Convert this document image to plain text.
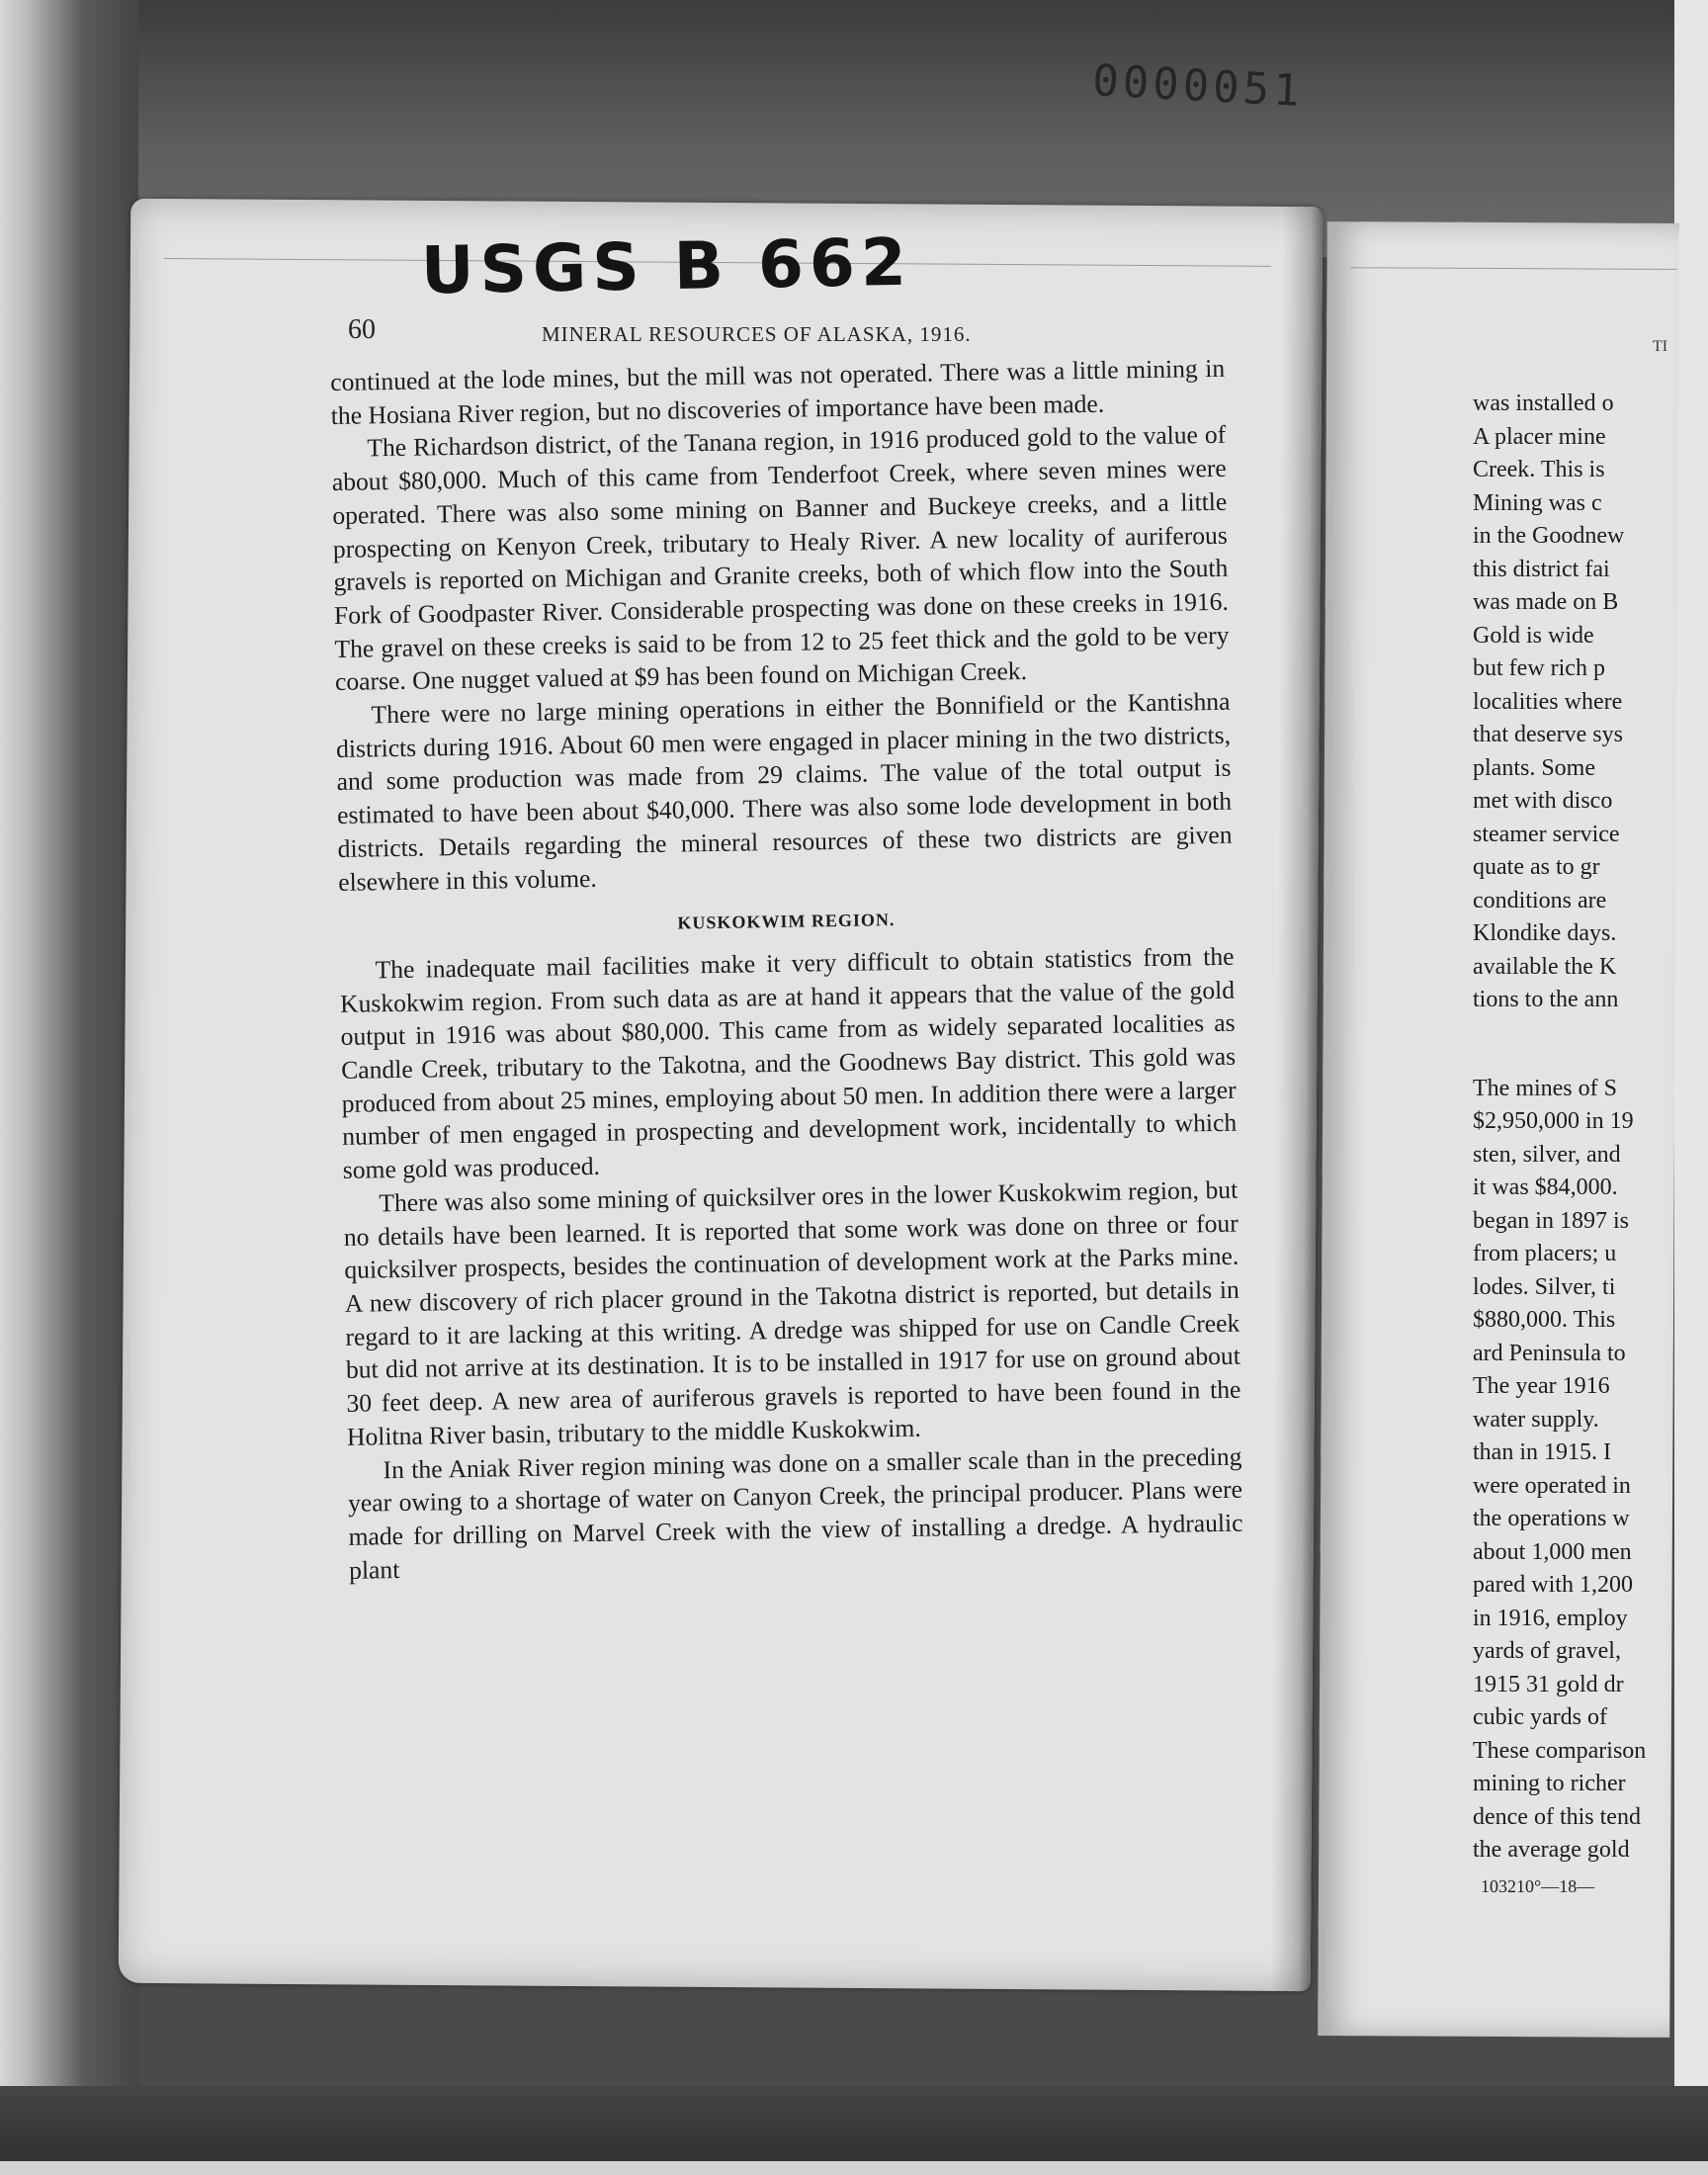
0000051
USGS B 662
60	MINERAL RESOURCES OF ALASKA, 1916.

continued at the lode mines, but the mill was not operated. There was a little mining in the Hosiana River region, but no discoveries of importance have been made.

The Richardson district, of the Tanana region, in 1916 produced gold to the value of about $80,000. Much of this came from Tenderfoot Creek, where seven mines were operated. There was also some mining on Banner and Buckeye creeks, and a little prospecting on Kenyon Creek, tributary to Healy River. A new locality of auriferous gravels is reported on Michigan and Granite creeks, both of which flow into the South Fork of Goodpaster River. Considerable prospecting was done on these creeks in 1916. The gravel on these creeks is said to be from 12 to 25 feet thick and the gold to be very coarse. One nugget valued at $9 has been found on Michigan Creek.

There were no large mining operations in either the Bonnifield or the Kantishna districts during 1916. About 60 men were engaged in placer mining in the two districts, and some production was made from 29 claims. The value of the total output is estimated to have been about $40,000. There was also some lode development in both districts. Details regarding the mineral resources of these two districts are given elsewhere in this volume.

KUSKOKWIM REGION.

The inadequate mail facilities make it very difficult to obtain statistics from the Kuskokwim region. From such data as are at hand it appears that the value of the gold output in 1916 was about $80,000. This came from as widely separated localities as Candle Creek, tributary to the Takotna, and the Goodnews Bay district. This gold was produced from about 25 mines, employing about 50 men. In addition there were a larger number of men engaged in prospecting and development work, incidentally to which some gold was produced.

There was also some mining of quicksilver ores in the lower Kuskokwim region, but no details have been learned. It is reported that some work was done on three or four quicksilver prospects, besides the continuation of development work at the Parks mine. A new discovery of rich placer ground in the Takotna district is reported, but details in regard to it are lacking at this writing. A dredge was shipped for use on Candle Creek but did not arrive at its destination. It is to be installed in 1917 for use on ground about 30 feet deep. A new area of auriferous gravels is reported to have been found in the Holitna River basin, tributary to the middle Kuskokwim.

In the Aniak River region mining was done on a smaller scale than in the preceding year owing to a shortage of water on Canyon Creek, the principal producer. Plans were made for drilling on Marvel Creek with the view of installing a dredge. A hydraulic plant

TI
was installed o
A placer mine
Creek. This is
Mining was c
in the Goodnew
this district fai
was made on B
Gold is wide
but few rich p
localities where
that deserve sys
plants. Some
met with disco
steamer service
quate as to gr
conditions are
Klondike days.
available the K
tions to the ann
The mines of S
$2,950,000 in 19
sten, silver, and
it was $84,000.
began in 1897 is
from placers; u
lodes. Silver, ti
$880,000. This
ard Peninsula to
The year 1916
water supply.
than in 1915. I
were operated in
the operations w
about 1,000 men
pared with 1,200
in 1916, employ
yards of gravel,
1915 31 gold dr
cubic yards of
These comparison
mining to richer
dence of this tend
the average gold
103210°—18—
